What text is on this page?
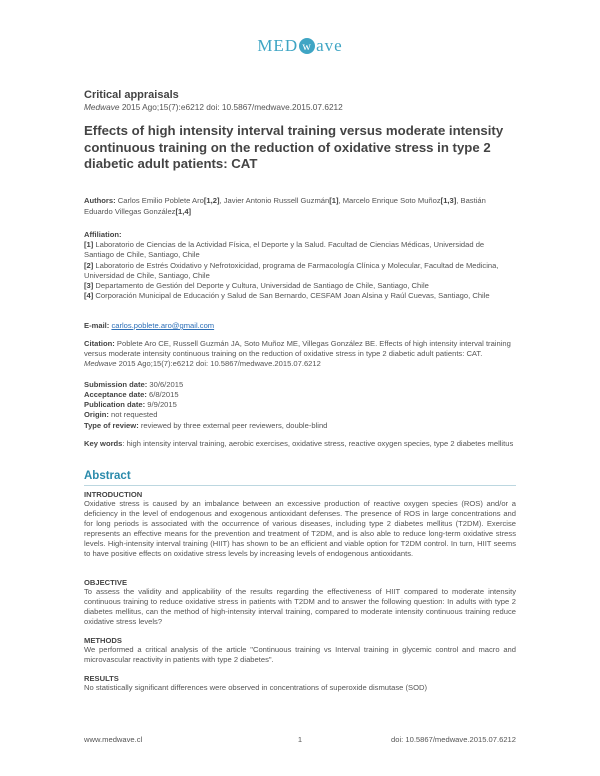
MED w ave
Critical appraisals
Medwave 2015 Ago;15(7):e6212 doi: 10.5867/medwave.2015.07.6212
Effects of high intensity interval training versus moderate intensity continuous training on the reduction of oxidative stress in type 2 diabetic adult patients: CAT
Authors: Carlos Emilio Poblete Aro[1,2], Javier Antonio Russell Guzmán[1], Marcelo Enrique Soto Muñoz[1,3], Bastián Eduardo Villegas González[1,4]
Affiliation:
[1] Laboratorio de Ciencias de la Actividad Física, el Deporte y la Salud. Facultad de Ciencias Médicas, Universidad de Santiago de Chile, Santiago, Chile
[2] Laboratorio de Estrés Oxidativo y Nefrotoxicidad, programa de Farmacología Clínica y Molecular, Facultad de Medicina, Universidad de Chile, Santiago, Chile
[3] Departamento de Gestión del Deporte y Cultura, Universidad de Santiago de Chile, Santiago, Chile
[4] Corporación Municipal de Educación y Salud de San Bernardo, CESFAM Joan Alsina y Raúl Cuevas, Santiago, Chile
E-mail: carlos.poblete.aro@gmail.com
Citation: Poblete Aro CE, Russell Guzmán JA, Soto Muñoz ME, Villegas González BE. Effects of high intensity interval training versus moderate intensity continuous training on the reduction of oxidative stress in type 2 diabetic adult patients: CAT. Medwave 2015 Ago;15(7):e6212 doi: 10.5867/medwave.2015.07.6212
Submission date: 30/6/2015
Acceptance date: 6/8/2015
Publication date: 9/9/2015
Origin: not requested
Type of review: reviewed by three external peer reviewers, double-blind
Key words: high intensity interval training, aerobic exercises, oxidative stress, reactive oxygen species, type 2 diabetes mellitus
Abstract
INTRODUCTION
Oxidative stress is caused by an imbalance between an excessive production of reactive oxygen species (ROS) and/or a deficiency in the level of endogenous and exogenous antioxidant defenses. The presence of ROS in large concentrations and for long periods is associated with the occurrence of various diseases, including type 2 diabetes mellitus (T2DM). Exercise represents an effective means for the prevention and treatment of T2DM, and is also able to reduce long-term oxidative stress levels. High-intensity interval training (HIIT) has shown to be an efficient and viable option for T2DM control. In turn, HIIT seems to have positive effects on oxidative stress levels by increasing levels of endogenous antioxidants.
OBJECTIVE
To assess the validity and applicability of the results regarding the effectiveness of HIIT compared to moderate intensity continuous training to reduce oxidative stress in patients with T2DM and to answer the following question: In adults with type 2 diabetes mellitus, can the method of high-intensity interval training, compared to moderate intensity continuous training reduce oxidative stress levels?
METHODS
We performed a critical analysis of the article "Continuous training vs Interval training in glycemic control and macro and microvascular reactivity in patients with type 2 diabetes".
RESULTS
No statistically significant differences were observed in concentrations of superoxide dismutase (SOD)
www.medwave.cl	1	doi: 10.5867/medwave.2015.07.6212
